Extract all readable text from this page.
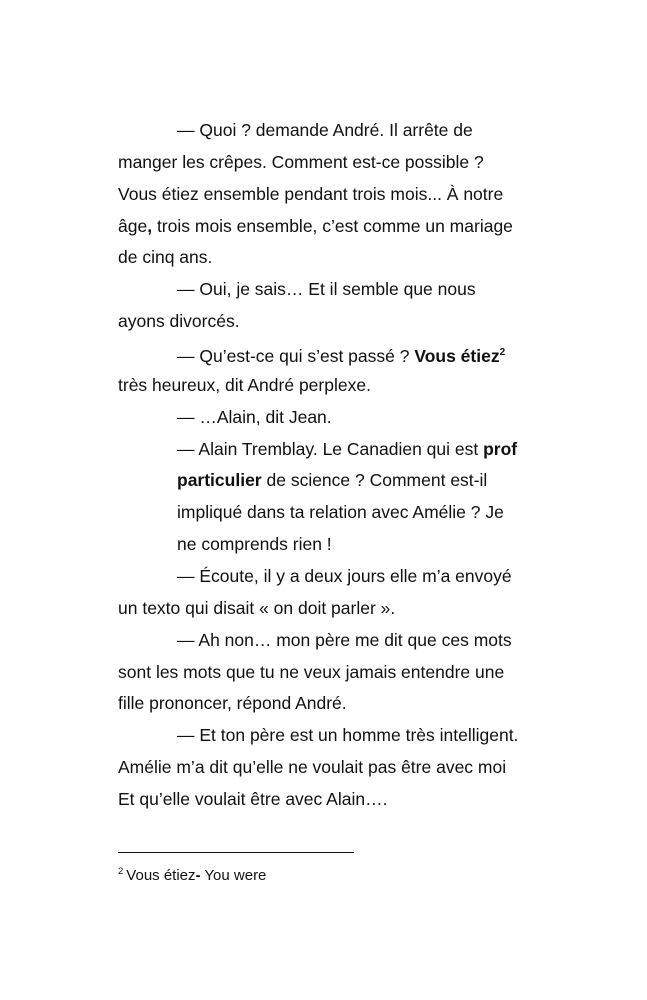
— Quoi ? demande André. Il arrête de
manger les crêpes. Comment est-ce possible ?
Vous étiez ensemble pendant trois mois... À notre
âge, trois mois ensemble, c’est comme un mariage
de cinq ans.
— Oui, je sais… Et il semble que nous
ayons divorcés.
— Qu’est-ce qui s’est passé ? Vous étiez$^2$
très heureux, dit André perplexe.
— …Alain, dit Jean.
— Alain Tremblay. Le Canadien qui est prof
particulier de science ? Comment est-il
impliqué dans ta relation avec Amélie ? Je
ne comprends rien !
— Écoute, il y a deux jours elle m’a envoyé
un texto qui disait « on doit parler ».
— Ah non… mon père me dit que ces mots
sont les mots que tu ne veux jamais entendre une
fille prononcer, répond André.
— Et ton père est un homme très intelligent.
Amélie m’a dit qu’elle ne voulait pas être avec moi
Et qu’elle voulait être avec Alain….
$^2$ Vous étiez- You were
